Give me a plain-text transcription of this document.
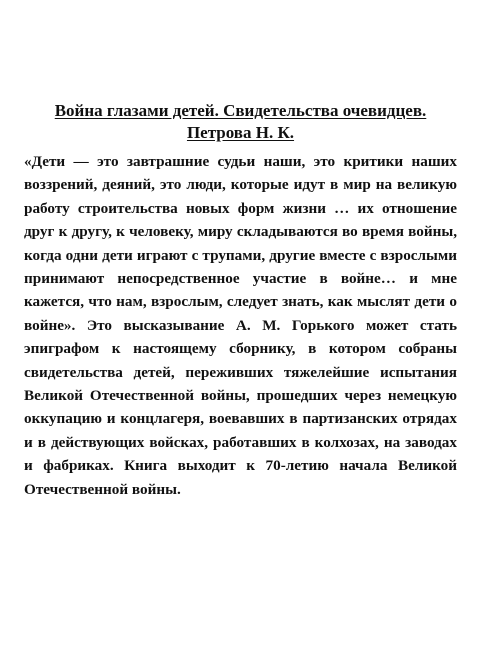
Война глазами детей. Свидетельства очевидцев.
Петрова Н. К.

«Дети — это завтрашние судьи наши, это критики наших воззрений, деяний, это люди, которые идут в мир на великую работу строительства новых форм жизни … их отношение друг к другу, к человеку, миру складываются во время войны, когда одни дети играют с трупами, другие вместе с взрослыми принимают непосредственное участие в войне… и мне кажется, что нам, взрослым, следует знать, как мыслят дети о войне». Это высказывание А. М. Горького может стать эпиграфом к настоящему сборнику, в котором собраны свидетельства детей, переживших тяжелейшие испытания Великой Отечественной войны, прошедших через немецкую оккупацию и концлагеря, воевавших в партизанских отрядах и в действующих войсках, работавших в колхозах, на заводах и фабриках. Книга выходит к 70-летию начала Великой Отечественной войны.
